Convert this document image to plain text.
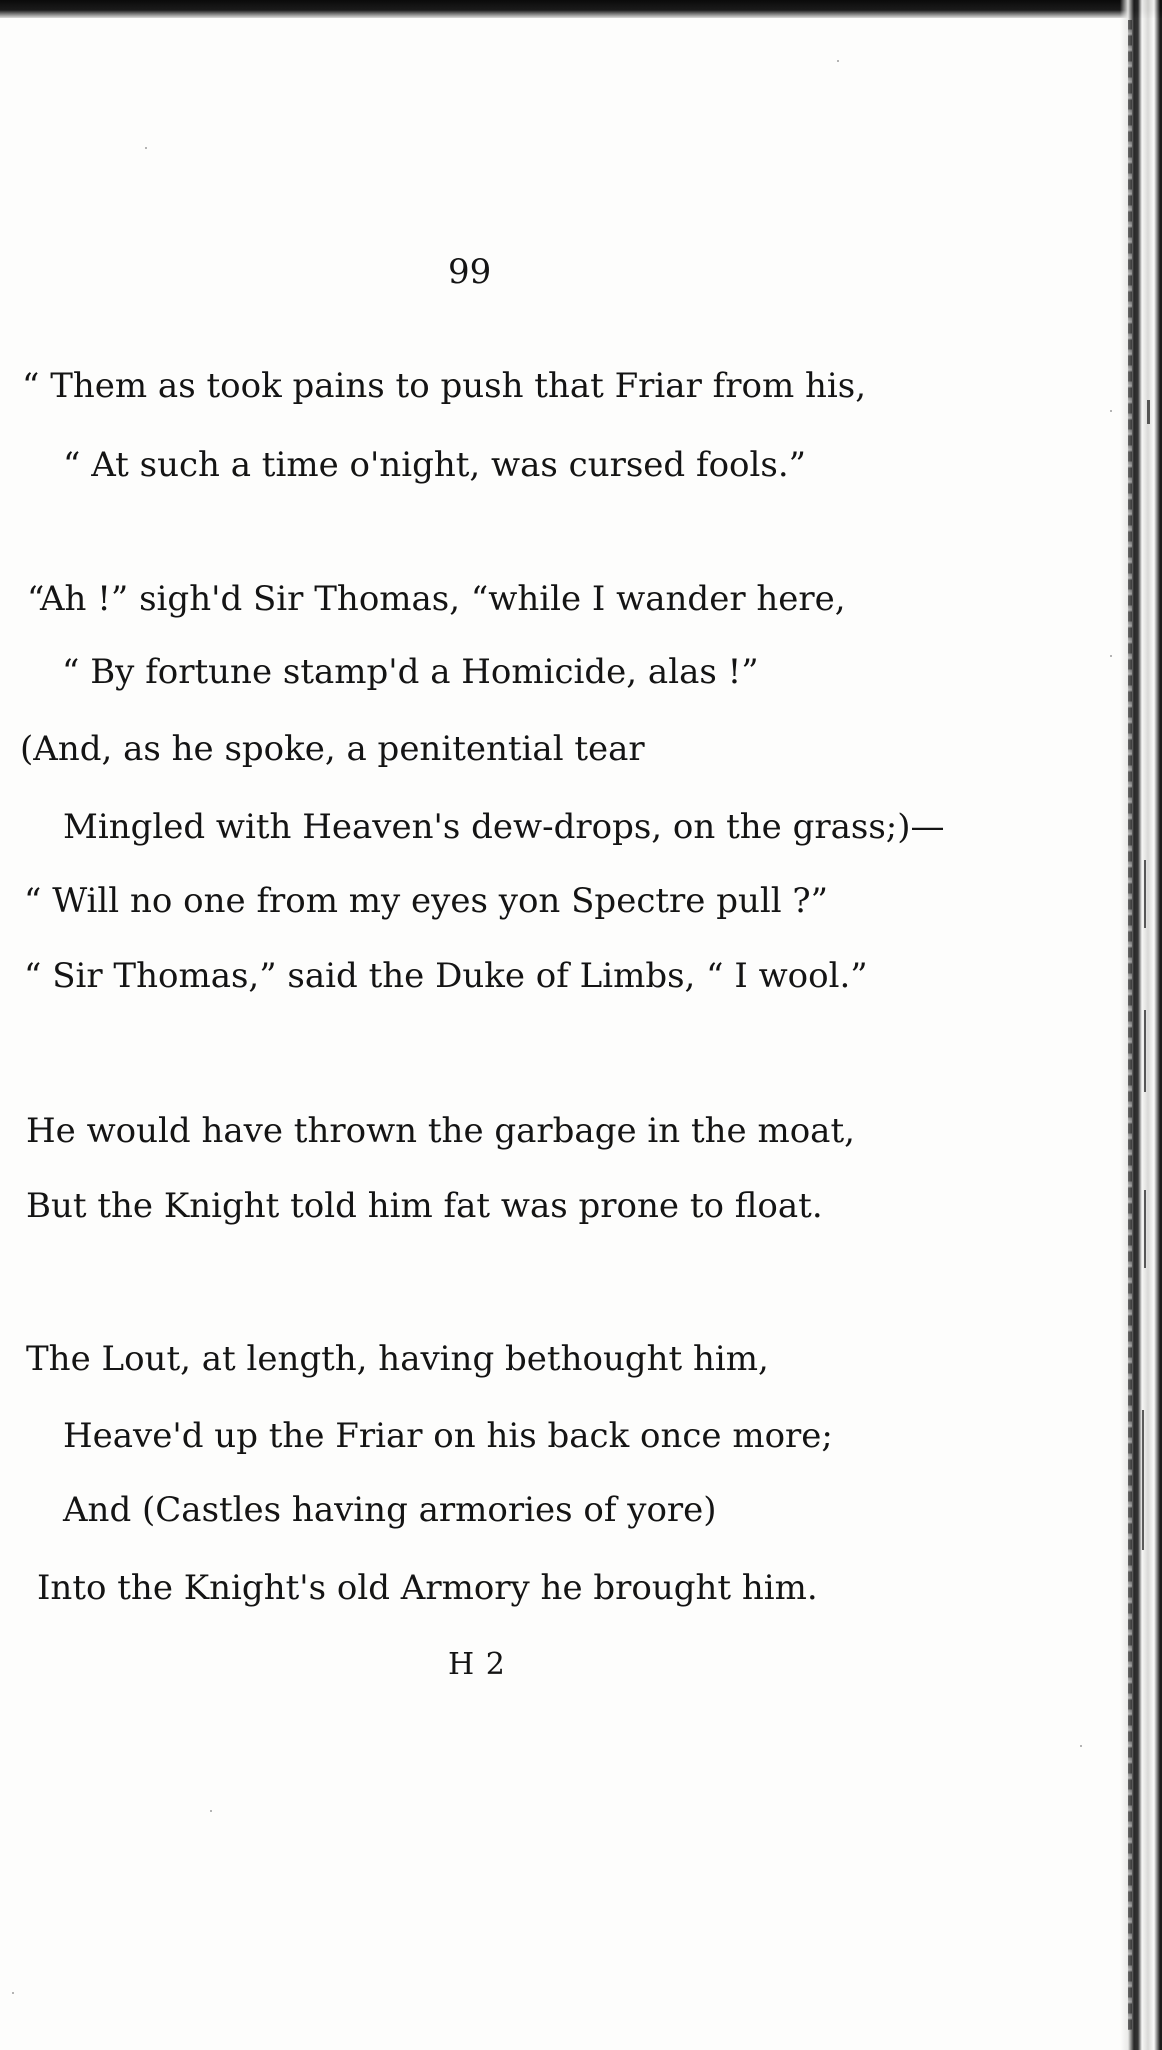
99
“ Them as took pains to push that Friar from his,
“ At such a time o'night, was cursed fools.”
“Ah !” sigh'd Sir Thomas, “while I wander here,
“ By fortune stamp'd a Homicide, alas !”
(And, as he spoke, a penitential tear
Mingled with Heaven's dew-drops, on the grass;)—
“ Will no one from my eyes yon Spectre pull ?”
“ Sir Thomas,” said the Duke of Limbs, “ I wool.”
He would have thrown the garbage in the moat,
But the Knight told him fat was prone to float.
The Lout, at length, having bethought him,
Heave'd up the Friar on his back once more;
And (Castles having armories of yore)
Into the Knight's old Armory he brought him.
H 2
